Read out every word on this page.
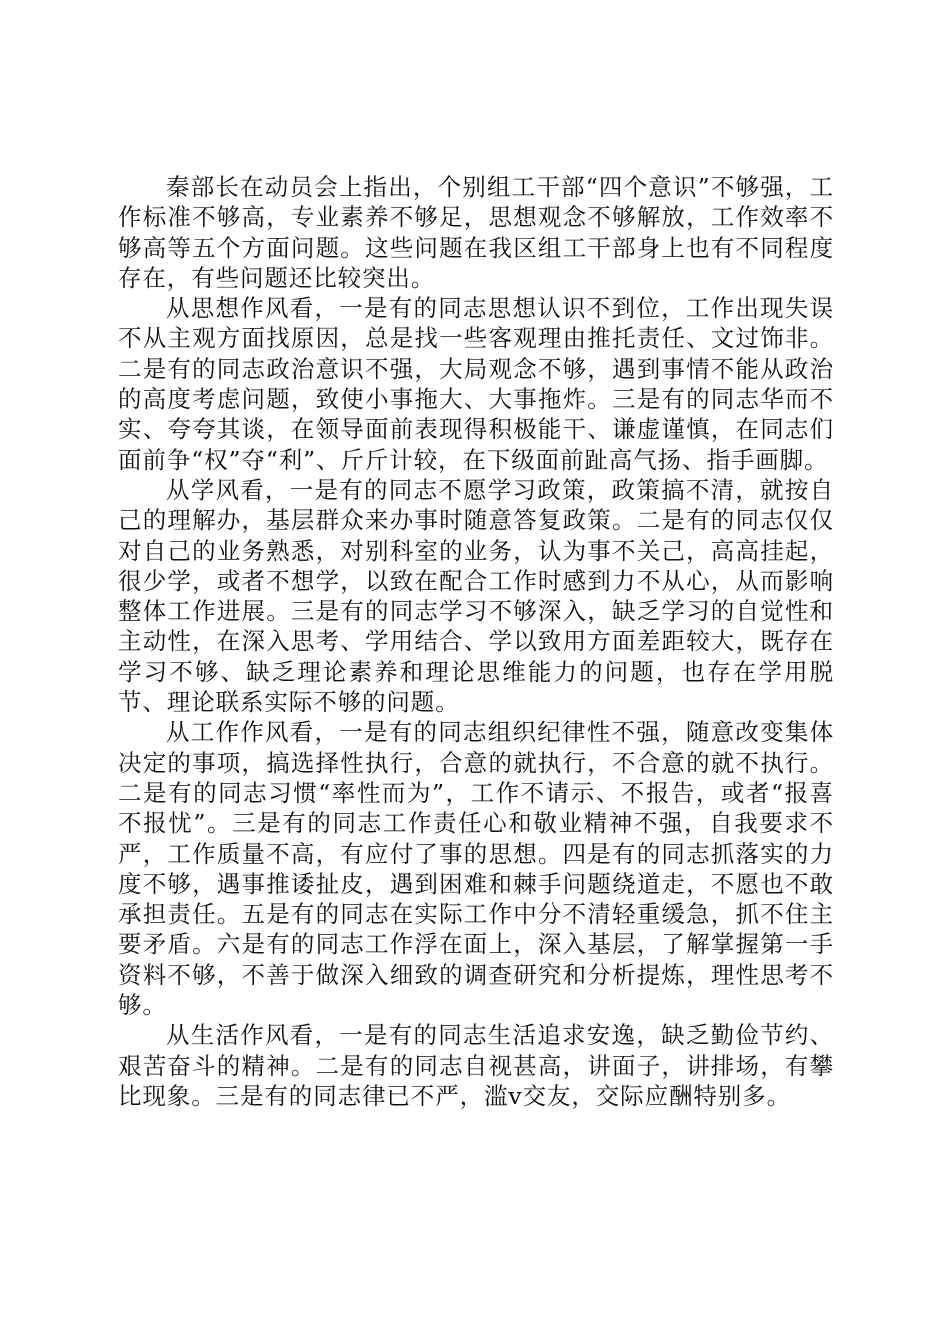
秦部长在动员会上指出，个别组工干部“四个意识”不够强，工作标准不够高，专业素养不够足，思想观念不够解放，工作效率不够高等五个方面问题。这些问题在我区组工干部身上也有不同程度存在，有些问题还比较突出。

从思想作风看，一是有的同志思想认识不到位，工作出现失误不从主观方面找原因，总是找一些客观理由推托责任、文过饰非。二是有的同志政治意识不强，大局观念不够，遇到事情不能从政治的高度考虑问题，致使小事拖大、大事拖炸。三是有的同志华而不实、夸夸其谈，在领导面前表现得积极能干、谦虚谨慎，在同志们面前争“权”夺“利”、斤斤计较，在下级面前趾高气扬、指手画脚。

从学风看，一是有的同志不愿学习政策，政策搞不清，就按自己的理解办，基层群众来办事时随意答复政策。二是有的同志仅仅对自己的业务熟悉，对别科室的业务，认为事不关己，高高挂起，很少学，或者不想学，以致在配合工作时感到力不从心，从而影响整体工作进展。三是有的同志学习不够深入，缺乏学习的自觉性和主动性，在深入思考、学用结合、学以致用方面差距较大，既存在学习不够、缺乏理论素养和理论思维能力的问题，也存在学用脱节、理论联系实际不够的问题。

从工作作风看，一是有的同志组织纪律性不强，随意改变集体决定的事项，搞选择性执行，合意的就执行，不合意的就不执行。二是有的同志习惯“率性而为”，工作不请示、不报告，或者“报喜不报忧”。三是有的同志工作责任心和敬业精神不强，自我要求不严，工作质量不高，有应付了事的思想。四是有的同志抓落实的力度不够，遇事推诿扯皮，遇到困难和棘手问题绕道走，不愿也不敢承担责任。五是有的同志在实际工作中分不清轻重缓急，抓不住主要矛盾。六是有的同志工作浮在面上，深入基层，了解掌握第一手资料不够，不善于做深入细致的调查研究和分析提炼，理性思考不够。

从生活作风看，一是有的同志生活追求安逸，缺乏勤俭节约、艰苦奋斗的精神。二是有的同志自视甚高，讲面子，讲排场，有攀比现象。三是有的同志律已不严，滥v交友，交际应酬特别多。
